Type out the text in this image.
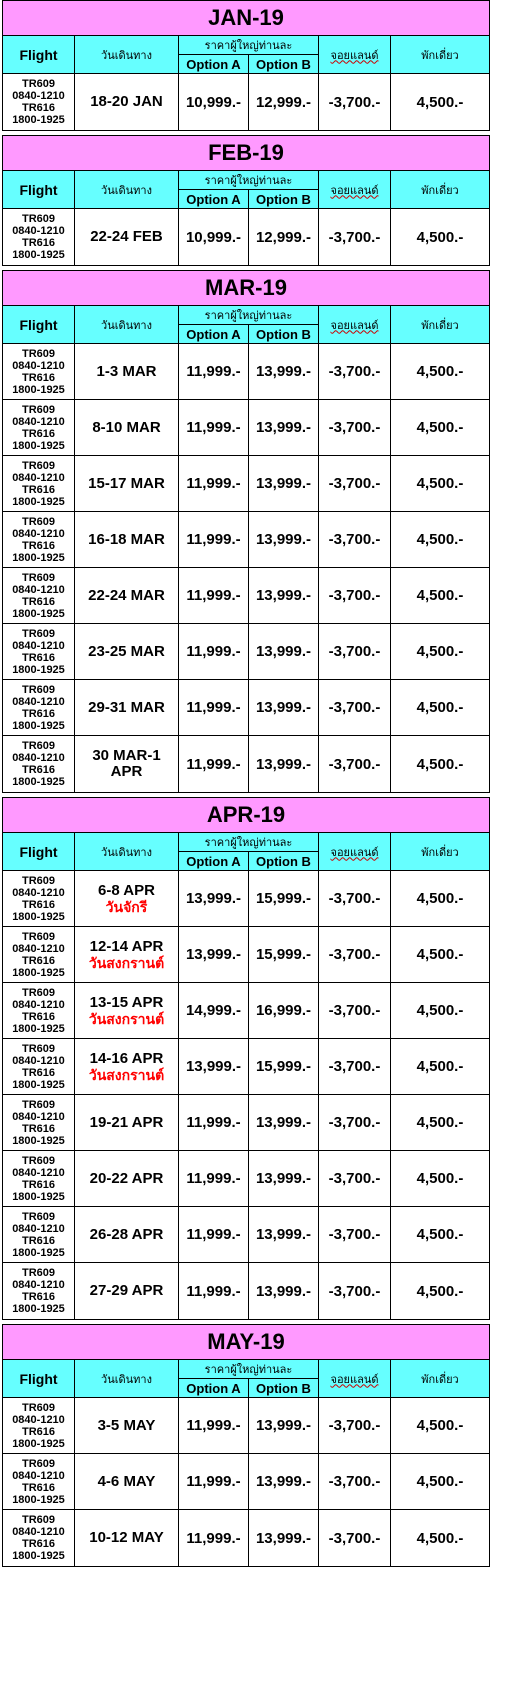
JAN-19
Flight	วันเดินทาง
ราคาผู้ใหญ่ท่านละ
จอยแลนด์	พักเดี่ยว
Option A	Option B
TR609
0840-1210
TR616
1800-1925
18-20 JAN	10,999.- 12,999.-	-3,700.-	4,500.-
FEB-19
Flight	วันเดินทาง
ราคาผู้ใหญ่ท่านละ
จอยแลนด์	พักเดี่ยว
Option A	Option B
TR609
0840-1210
TR616
1800-1925
22-24 FEB	10,999.- 12,999.-	-3,700.-	4,500.-
MAR-19
Flight	วันเดินทาง
ราคาผู้ใหญ่ท่านละ
จอยแลนด์	พักเดี่ยว
Option A	Option B
TR609
0840-1210
TR616
1800-1925
1-3 MAR	11,999.-	13,999.-	-3,700.-	4,500.-
TR609
0840-1210
TR616
1800-1925
8-10 MAR	11,999.-	13,999.-	-3,700.-	4,500.-
TR609
0840-1210
TR616
1800-1925
15-17 MAR	11,999.-	13,999.-	-3,700.-	4,500.-
TR609
0840-1210
TR616
1800-1925
16-18 MAR	11,999.-	13,999.-	-3,700.-	4,500.-
TR609
0840-1210
TR616
1800-1925
22-24 MAR	11,999.-	13,999.-	-3,700.-	4,500.-
TR609
0840-1210
TR616
1800-1925
23-25 MAR	11,999.-	13,999.-	-3,700.-	4,500.-
TR609
0840-1210
TR616
1800-1925
29-31 MAR	11,999.-	13,999.-	-3,700.-	4,500.-
TR609
0840-1210
TR616
1800-1925
30 MAR-1 APR	11,999.-	13,999.-	-3,700.-	4,500.-
APR-19
Flight	วันเดินทาง
ราคาผู้ใหญ่ท่านละ
จอยแลนด์	พักเดี่ยว
Option A	Option B
TR609
0840-1210
TR616
1800-1925
6-8 APR
วันจักรี	13,999.- 15,999.-	-3,700.-	4,500.-
TR609
0840-1210
TR616
1800-1925
12-14 APR
วันสงกรานต์	13,999.- 15,999.-	-3,700.-	4,500.-
TR609
0840-1210
TR616
1800-1925
13-15 APR
วันสงกรานต์	14,999.- 16,999.-	-3,700.-	4,500.-
TR609
0840-1210
TR616
1800-1925
14-16 APR
วันสงกรานต์	13,999.- 15,999.-	-3,700.-	4,500.-
TR609
0840-1210
TR616
1800-1925
19-21 APR	11,999.-	13,999.-	-3,700.-	4,500.-
TR609
0840-1210
TR616
1800-1925
20-22 APR	11,999.-	13,999.-	-3,700.-	4,500.-
TR609
0840-1210
TR616
1800-1925
26-28 APR	11,999.-	13,999.-	-3,700.-	4,500.-
TR609
0840-1210
TR616
1800-1925
27-29 APR	11,999.-	13,999.-	-3,700.-	4,500.-
MAY-19
Flight	วันเดินทาง
ราคาผู้ใหญ่ท่านละ
จอยแลนด์	พักเดี่ยว
Option A	Option B
TR609
0840-1210
TR616
1800-1925
3-5 MAY	11,999.-	13,999.-	-3,700.-	4,500.-
TR609
0840-1210
TR616
1800-1925
4-6 MAY	11,999.-	13,999.-	-3,700.-	4,500.-
TR609
0840-1210
TR616
1800-1925
10-12 MAY	11,999.-	13,999.-	-3,700.-	4,500.-
